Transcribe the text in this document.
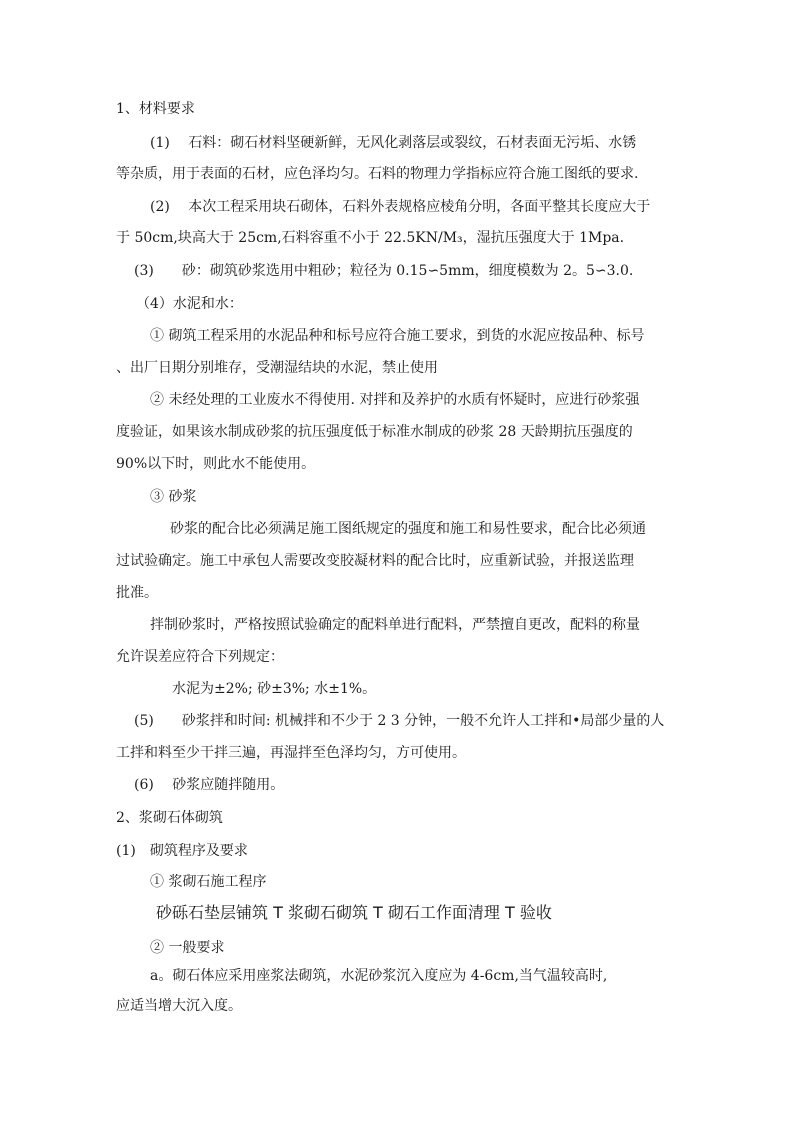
1、材料要求

(1)　 石料：砌石材料坚硬新鲜，无风化剥落层或裂纹，石材表面无污垢、水锈

等杂质，用于表面的石材，应色泽均匀。石料的物理力学指标应符合施工图纸的要求.

(2)　 本次工程采用块石砌体，石料外表规格应棱角分明，各面平整其长度应大于

于 50cm,块高大于 25cm,石料容重不小于 22.5KN/M₃，湿抗压强度大于 1Mpa.

(3)　　砂：砌筑砂浆选用中粗砂；粒径为 0.15∽5mm，细度模数为 2。5∽3.0.

（4）水泥和水：

① 砌筑工程采用的水泥品种和标号应符合施工要求，到货的水泥应按品种、标号

、出厂日期分别堆存，受潮湿结块的水泥，禁止使用

② 未经处理的工业废水不得使用. 对拌和及养护的水质有怀疑时，应进行砂浆强

度验证，如果该水制成砂浆的抗压强度低于标准水制成的砂浆 28 天龄期抗压强度的

90%以下时，则此水不能使用。

③ 砂浆

砂浆的配合比必须满足施工图纸规定的强度和施工和易性要求，配合比必须通

过试验确定。施工中承包人需要改变胶凝材料的配合比时，应重新试验，并报送监理

批准。

拌制砂浆时，严格按照试验确定的配料单进行配料，严禁擅自更改，配料的称量

允许误差应符合下列规定：

水泥为±2%; 砂±3%; 水±1%。

(5)　　砂浆拌和时间: 机械拌和不少于 2 3 分钟，一般不允许人工拌和•局部少量的人

工拌和料至少干拌三遍，再湿拌至色泽均匀，方可使用。

(6)　 砂浆应随拌随用。

2、浆砌石体砌筑

(1)　砌筑程序及要求

① 浆砌石施工程序

砂砾石垫层铺筑 T 浆砌石砌筑 T 砌石工作面清理 T 验收

② 一般要求

a。砌石体应采用座浆法砌筑，水泥砂浆沉入度应为 4-6cm,当气温较高时,

应适当增大沉入度。
